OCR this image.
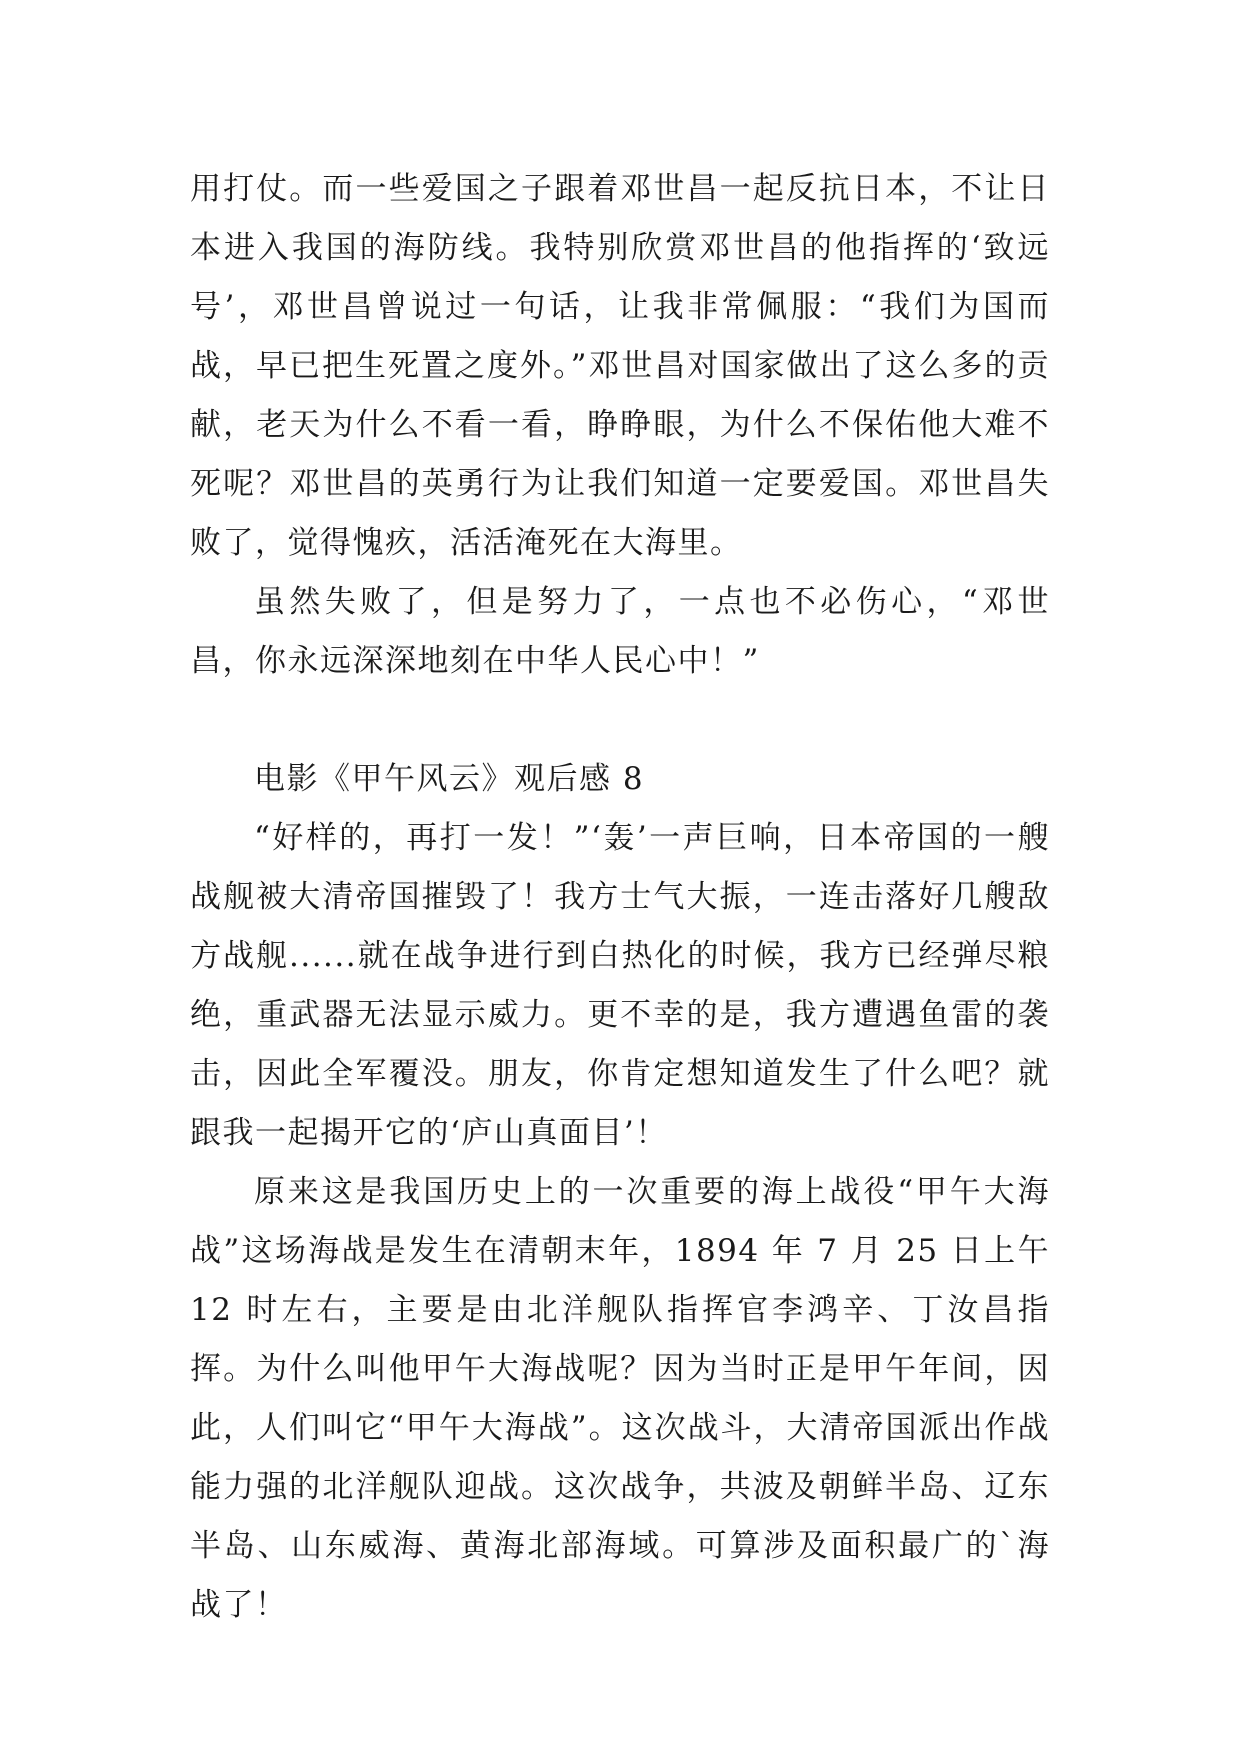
用打仗。而一些爱国之子跟着邓世昌一起反抗日本，不让日本进入我国的海防线。我特别欣赏邓世昌的他指挥的‘致远号’，邓世昌曾说过一句话，让我非常佩服：“我们为国而战，早已把生死置之度外。”邓世昌对国家做出了这么多的贡献，老天为什么不看一看，睁睁眼，为什么不保佑他大难不死呢？邓世昌的英勇行为让我们知道一定要爱国。邓世昌失败了，觉得愧疚，活活淹死在大海里。

虽然失败了，但是努力了，一点也不必伤心，“邓世昌，你永远深深地刻在中华人民心中！”

电影《甲午风云》观后感 8

“好样的，再打一发！”‘轰’一声巨响，日本帝国的一艘战舰被大清帝国摧毁了！我方士气大振，一连击落好几艘敌方战舰......就在战争进行到白热化的时候，我方已经弹尽粮绝，重武器无法显示威力。更不幸的是，我方遭遇鱼雷的袭击，因此全军覆没。朋友，你肯定想知道发生了什么吧？就跟我一起揭开它的‘庐山真面目’！

原来这是我国历史上的一次重要的海上战役“甲午大海战”这场海战是发生在清朝末年，1894 年 7 月 25 日上午 12 时左右，主要是由北洋舰队指挥官李鸿辛、丁汝昌指挥。为什么叫他甲午大海战呢？因为当时正是甲午年间，因此，人们叫它“甲午大海战”。这次战斗，大清帝国派出作战能力强的北洋舰队迎战。这次战争，共波及朝鲜半岛、辽东半岛、山东威海、黄海北部海域。可算涉及面积最广的`海战了！
